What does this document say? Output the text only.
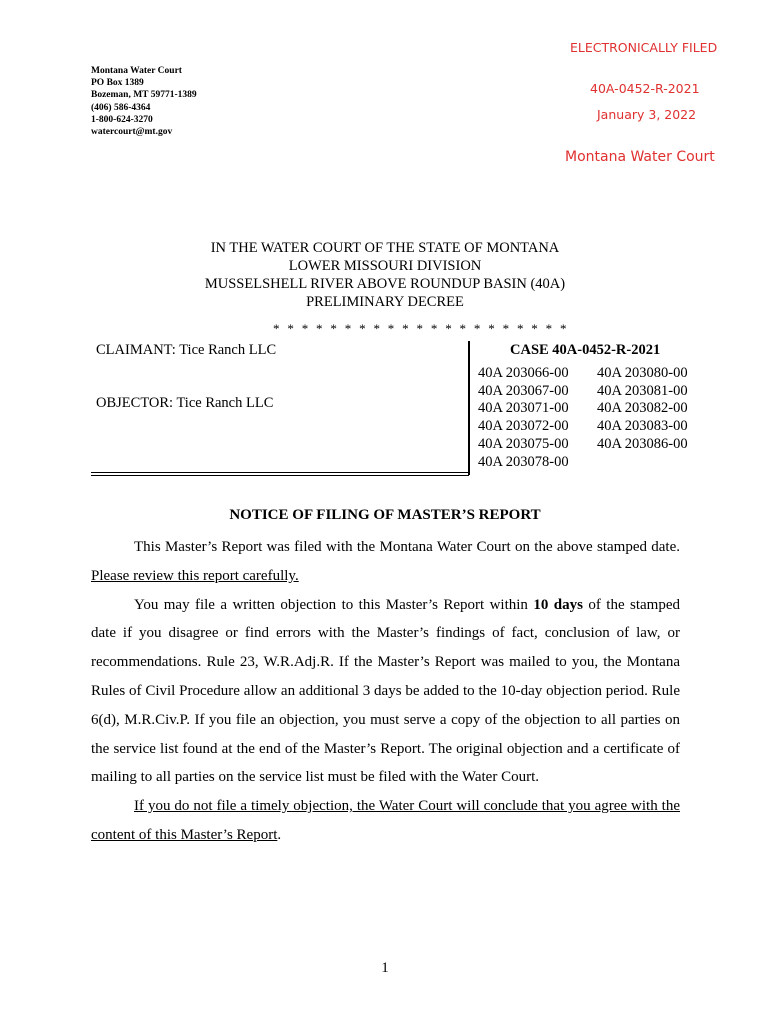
Montana Water Court
PO Box 1389
Bozeman, MT 59771-1389
(406) 586-4364
1-800-624-3270
watercourt@mt.gov
ELECTRONICALLY FILED
40A-0452-R-2021
January 3, 2022
Montana Water Court
IN THE WATER COURT OF THE STATE OF MONTANA
LOWER MISSOURI DIVISION
MUSSELSHELL RIVER ABOVE ROUNDUP BASIN (40A)
PRELIMINARY DECREE
* * * * * * * * * * * * * * * * * * * * *
CLAIMANT: Tice Ranch LLC
OBJECTOR: Tice Ranch LLC
CASE 40A-0452-R-2021
40A 203066-00
40A 203067-00
40A 203071-00
40A 203072-00
40A 203075-00
40A 203078-00
40A 203080-00
40A 203081-00
40A 203082-00
40A 203083-00
40A 203086-00
NOTICE OF FILING OF MASTER’S REPORT

This Master’s Report was filed with the Montana Water Court on the above stamped date. Please review this report carefully.

You may file a written objection to this Master’s Report within 10 days of the stamped date if you disagree or find errors with the Master’s findings of fact, conclusion of law, or recommendations. Rule 23, W.R.Adj.R. If the Master’s Report was mailed to you, the Montana Rules of Civil Procedure allow an additional 3 days be added to the 10-day objection period. Rule 6(d), M.R.Civ.P. If you file an objection, you must serve a copy of the objection to all parties on the service list found at the end of the Master’s Report. The original objection and a certificate of mailing to all parties on the service list must be filed with the Water Court.

If you do not file a timely objection, the Water Court will conclude that you agree with the content of this Master’s Report.

1
